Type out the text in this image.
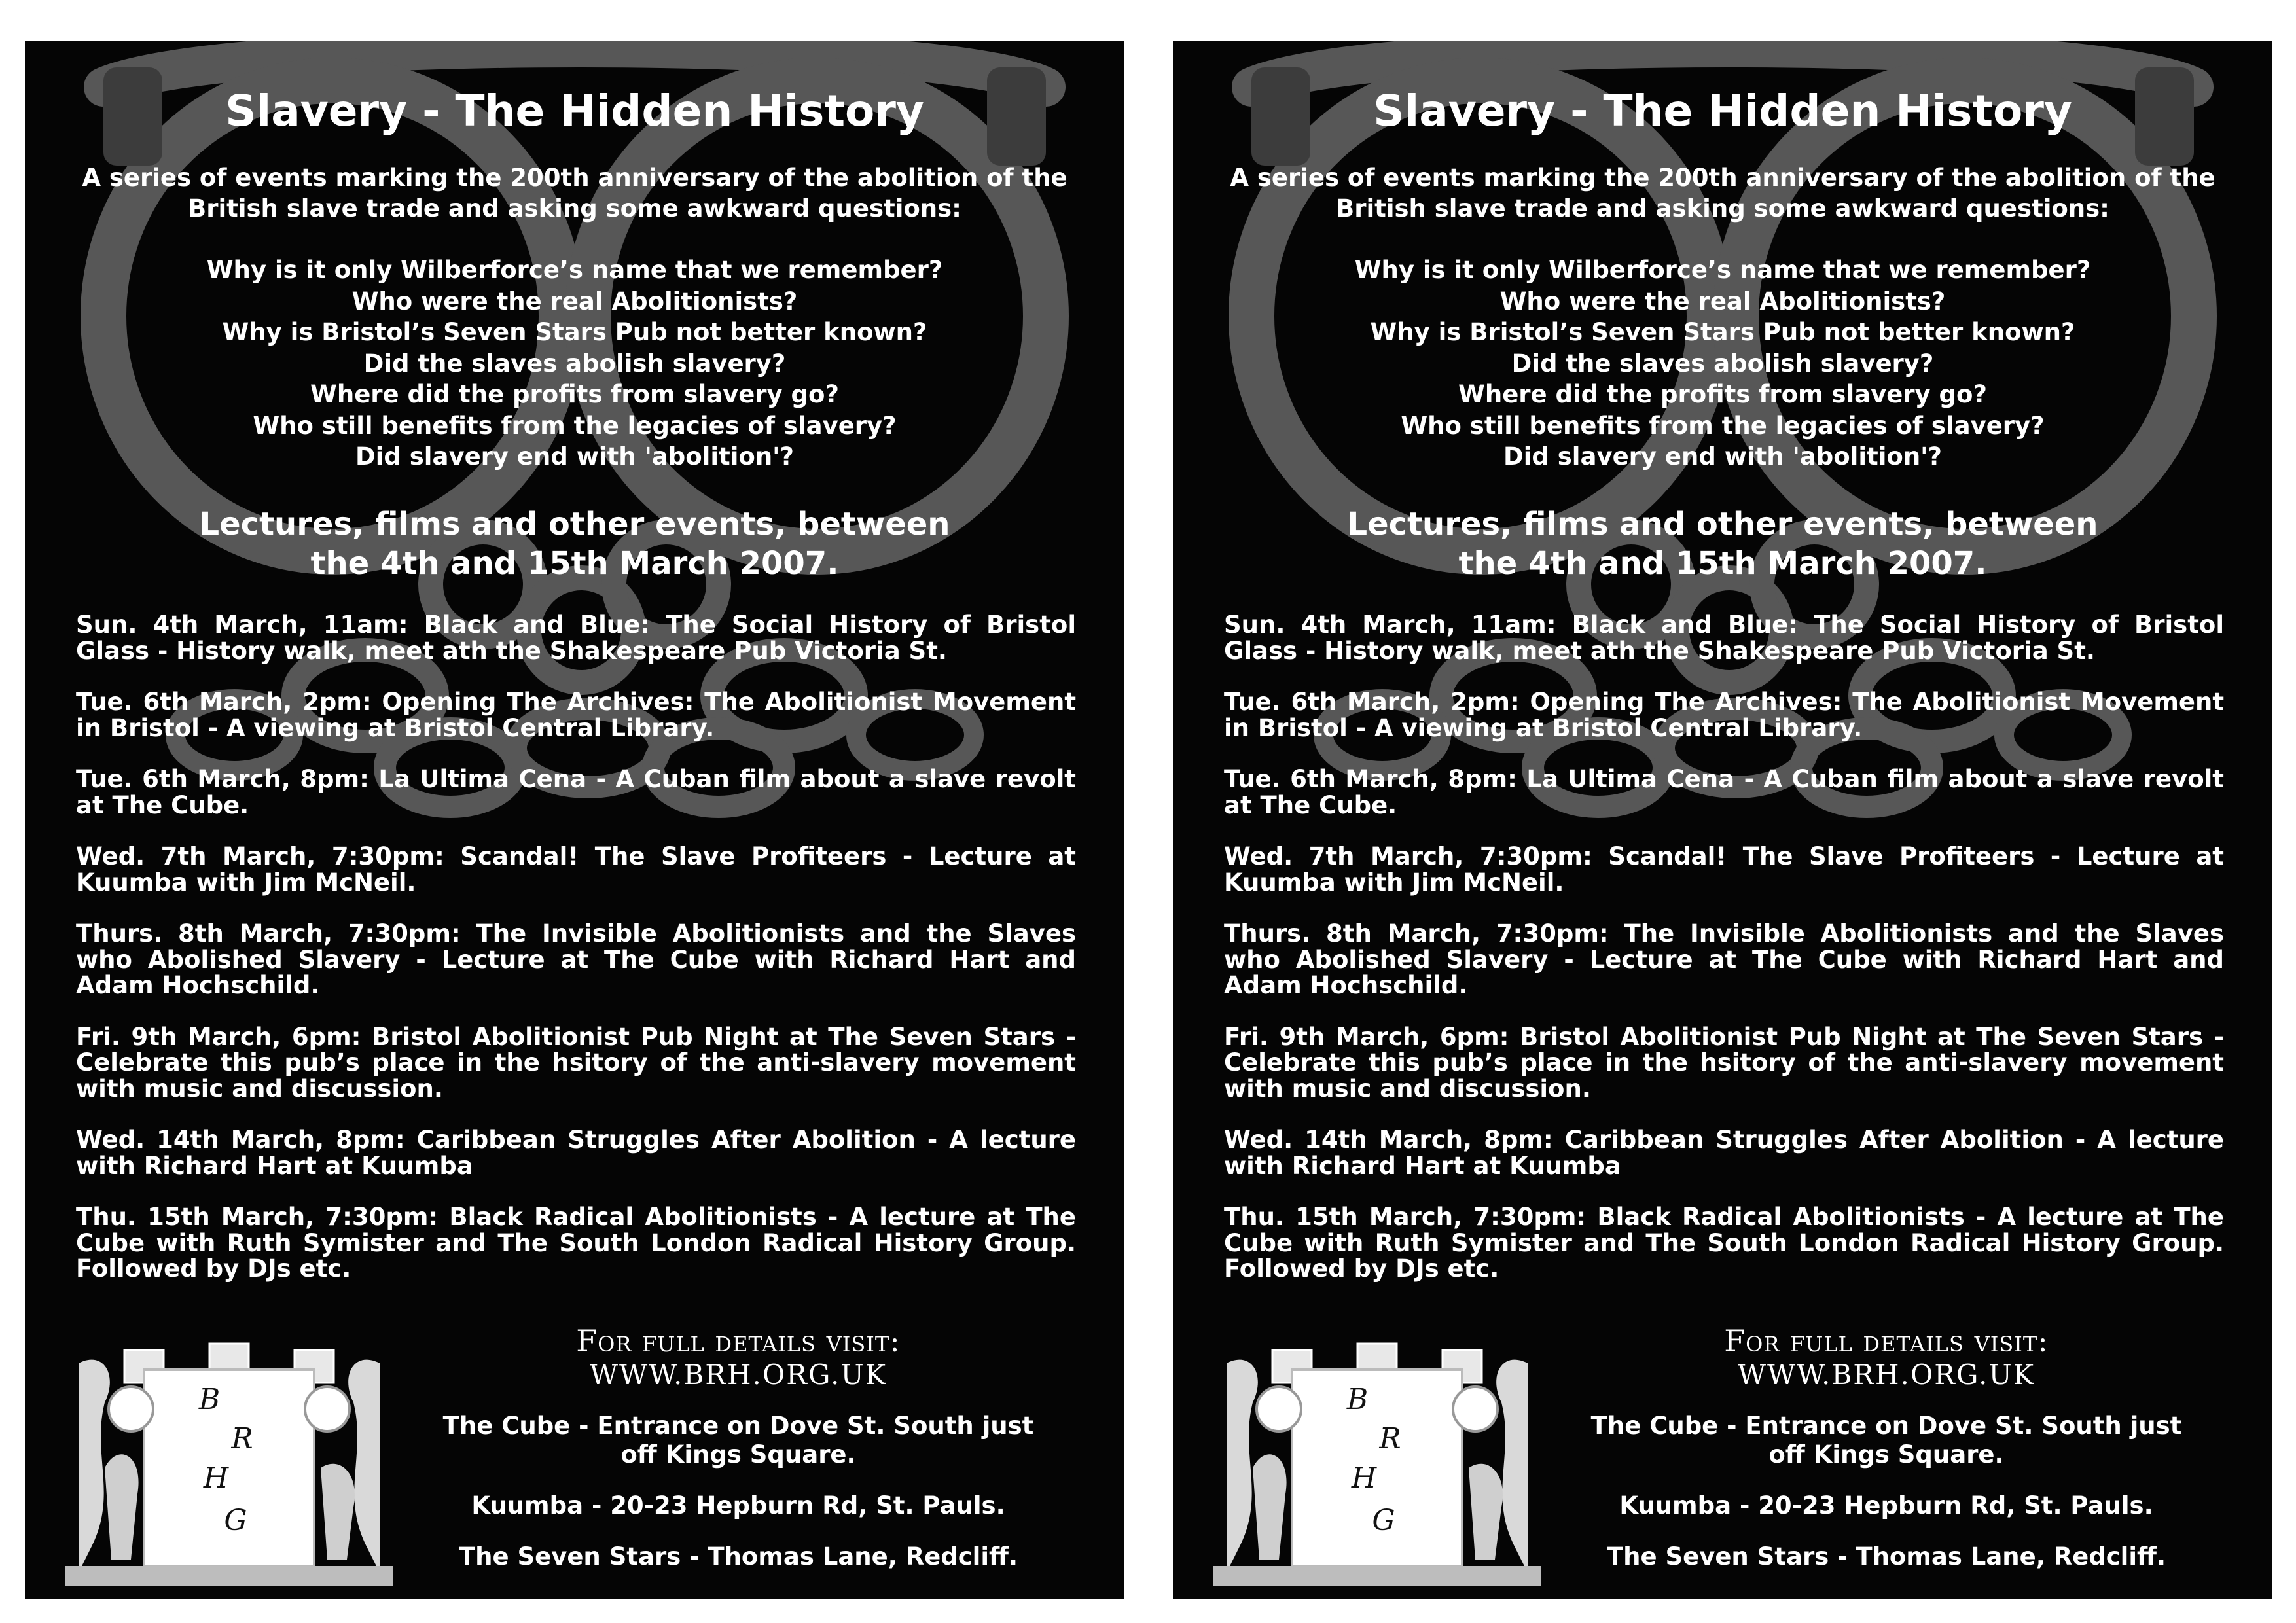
Slavery - The Hidden History

A series of events marking the 200th anniversary of the abolition of the British slave trade and asking some awkward questions:

Why is it only Wilberforce’s name that we remember?
Who were the real Abolitionists?
Why is Bristol’s Seven Stars Pub not better known?
Did the slaves abolish slavery?
Where did the profits from slavery go?
Who still benefits from the legacies of slavery?
Did slavery end with 'abolition'?
Lectures, films and other events, between
the 4th and 15th March 2007.
Sun. 4th March, 11am: Black and Blue: The Social History of Bristol Glass - History walk, meet ath the Shakespeare Pub Victoria St.
Tue. 6th March, 2pm: Opening The Archives: The Abolitionist Movement in Bristol - A viewing at Bristol Central Library.
Tue. 6th March, 8pm: La Ultima Cena - A Cuban film about a slave revolt at The Cube.
Wed. 7th March, 7:30pm: Scandal! The Slave Profiteers - Lecture at Kuumba with Jim McNeil.
Thurs. 8th March, 7:30pm: The Invisible Abolitionists and the Slaves who Abolished Slavery - Lecture at The Cube with Richard Hart and Adam Hochschild.
Fri. 9th March, 6pm: Bristol Abolitionist Pub Night at The Seven Stars - Celebrate this pub’s place in the hsitory of the anti-slavery movement with music and discussion.
Wed. 14th March, 8pm: Caribbean Struggles After Abolition - A lecture with Richard Hart at Kuumba
Thu. 15th March, 7:30pm: Black Radical Abolitionists - A lecture at The Cube with Ruth Symister and The South London Radical History Group. Followed by DJs etc.
B
R
H
G

For full details visit:

WWW.BRH.ORG.UK

The Cube - Entrance on Dove St. South just off Kings Square.

Kuumba - 20-23 Hepburn Rd, St. Pauls.

The Seven Stars - Thomas Lane, Redcliff.

Slavery - The Hidden History

A series of events marking the 200th anniversary of the abolition of the British slave trade and asking some awkward questions:

Why is it only Wilberforce’s name that we remember?
Who were the real Abolitionists?
Why is Bristol’s Seven Stars Pub not better known?
Did the slaves abolish slavery?
Where did the profits from slavery go?
Who still benefits from the legacies of slavery?
Did slavery end with 'abolition'?
Lectures, films and other events, between
the 4th and 15th March 2007.
Sun. 4th March, 11am: Black and Blue: The Social History of Bristol Glass - History walk, meet ath the Shakespeare Pub Victoria St.
Tue. 6th March, 2pm: Opening The Archives: The Abolitionist Movement in Bristol - A viewing at Bristol Central Library.
Tue. 6th March, 8pm: La Ultima Cena - A Cuban film about a slave revolt at The Cube.
Wed. 7th March, 7:30pm: Scandal! The Slave Profiteers - Lecture at Kuumba with Jim McNeil.
Thurs. 8th March, 7:30pm: The Invisible Abolitionists and the Slaves who Abolished Slavery - Lecture at The Cube with Richard Hart and Adam Hochschild.
Fri. 9th March, 6pm: Bristol Abolitionist Pub Night at The Seven Stars - Celebrate this pub’s place in the hsitory of the anti-slavery movement with music and discussion.
Wed. 14th March, 8pm: Caribbean Struggles After Abolition - A lecture with Richard Hart at Kuumba
Thu. 15th March, 7:30pm: Black Radical Abolitionists - A lecture at The Cube with Ruth Symister and The South London Radical History Group. Followed by DJs etc.
B
R
H
G

For full details visit:

WWW.BRH.ORG.UK

The Cube - Entrance on Dove St. South just off Kings Square.

Kuumba - 20-23 Hepburn Rd, St. Pauls.

The Seven Stars - Thomas Lane, Redcliff.
